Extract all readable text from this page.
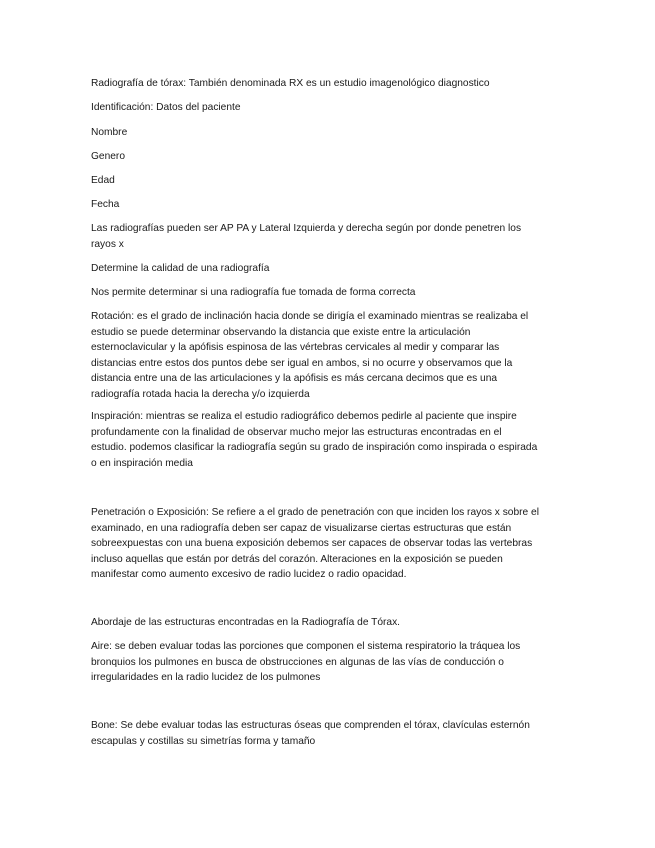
Radiografía de tórax: También denominada RX es un estudio imagenológico diagnostico

Identificación: Datos del paciente

Nombre

Genero

Edad

Fecha

Las radiografías pueden ser AP PA y Lateral Izquierda y derecha según por donde penetren los
rayos x

Determine la calidad de una radiografía

Nos permite determinar si una radiografía fue tomada de forma correcta

Rotación: es el grado de inclinación hacia donde se dirigía el examinado mientras se realizaba el
estudio se puede determinar observando la distancia que existe entre la articulación
esternoclavicular y la apófisis espinosa de las vértebras cervicales al medir y comparar las
distancias entre estos dos puntos debe ser igual en ambos, si no ocurre y observamos que la
distancia entre una de las articulaciones y la apófisis es más cercana decimos que es una
radiografía rotada hacia la derecha y/o izquierda

Inspiración: mientras se realiza el estudio radiográfico debemos pedirle al paciente que inspire
profundamente con la finalidad de observar mucho mejor las estructuras encontradas en el
estudio. podemos clasificar la radiografía según su grado de inspiración como inspirada o espirada
o en inspiración media

Penetración o Exposición: Se refiere a el grado de penetración con que inciden los rayos x sobre el
examinado, en una radiografía deben ser capaz de visualizarse ciertas estructuras que están
sobreexpuestas con una buena exposición debemos ser capaces de observar todas las vertebras
incluso aquellas que están por detrás del corazón. Alteraciones en la exposición se pueden
manifestar como aumento excesivo de radio lucidez o radio opacidad.

Abordaje de las estructuras encontradas en la Radiografía de Tórax.

Aire: se deben evaluar todas las porciones que componen el sistema respiratorio la tráquea los
bronquios los pulmones en busca de obstrucciones en algunas de las vías de conducción o
irregularidades en la radio lucidez de los pulmones

Bone: Se debe evaluar todas las estructuras óseas que comprenden el tórax, clavículas esternón
escapulas y costillas su simetrías forma y tamaño
